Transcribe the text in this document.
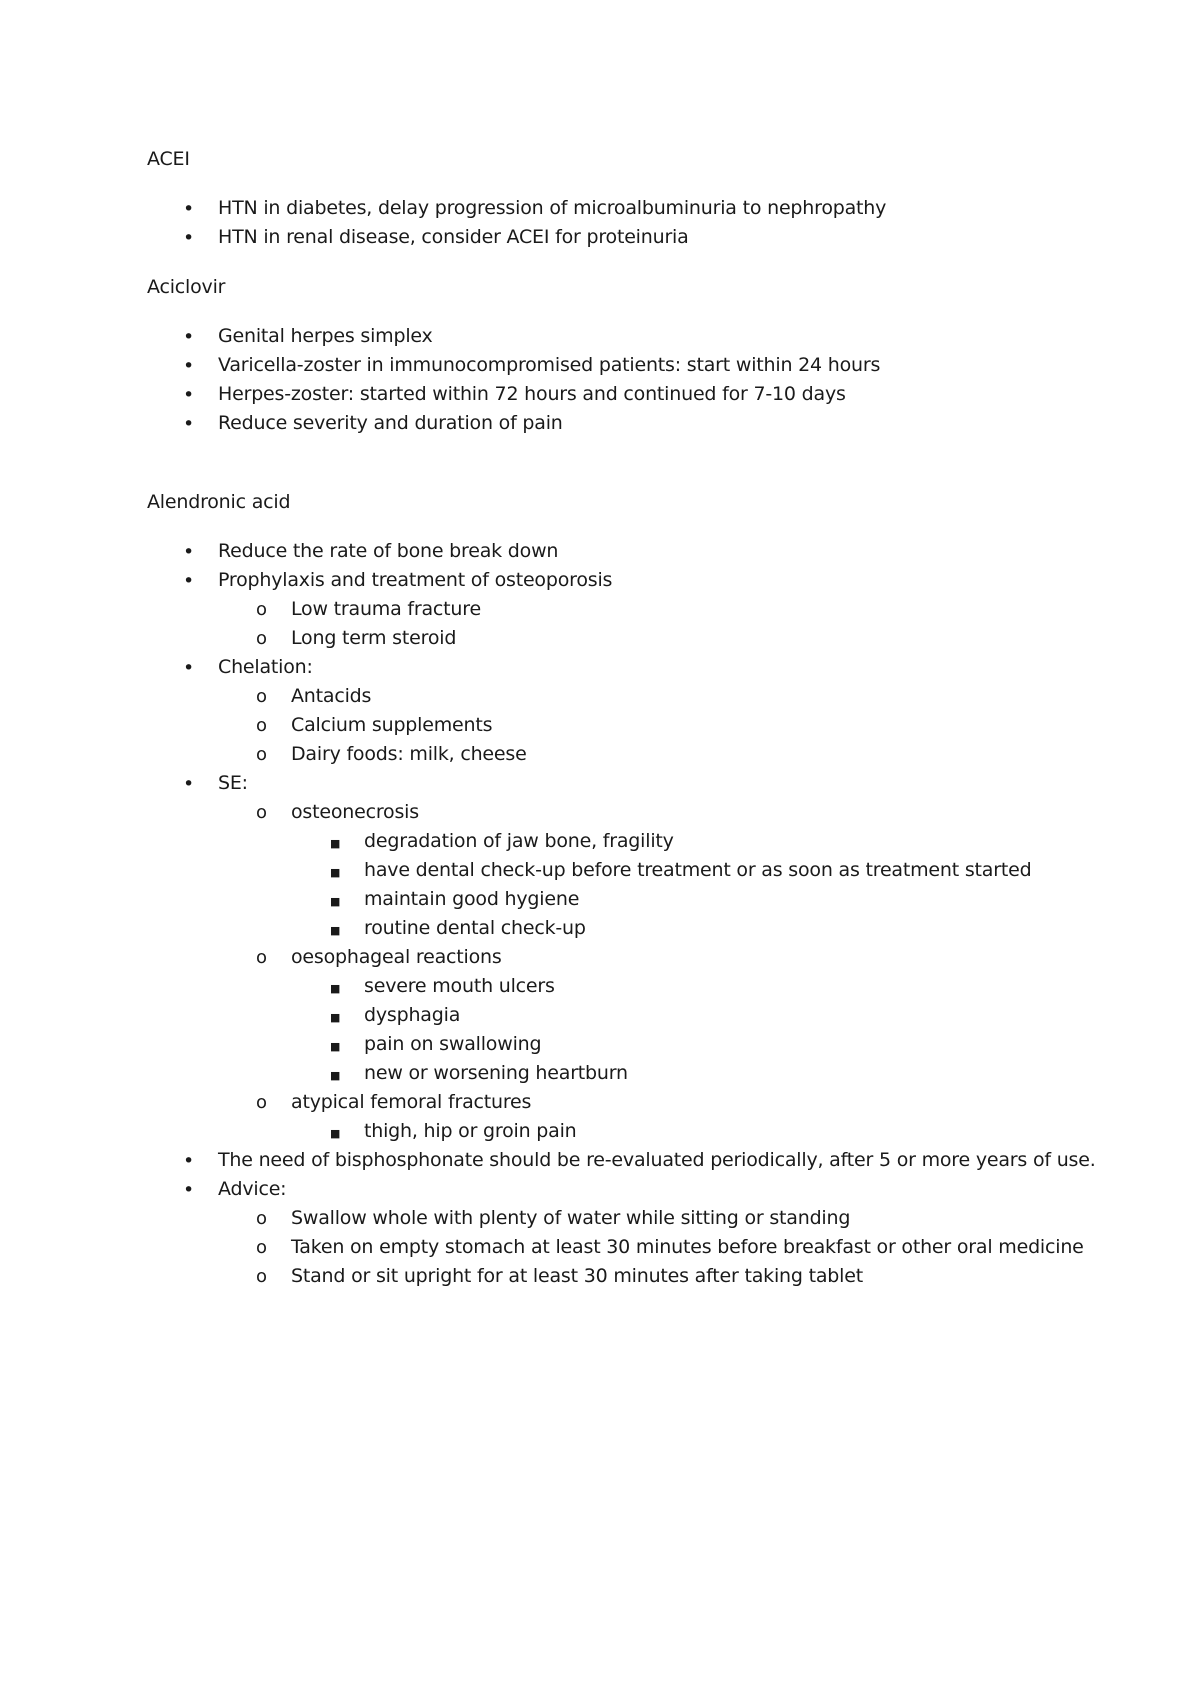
ACEI
• HTN in diabetes, delay progression of microalbuminuria to nephropathy
• HTN in renal disease, consider ACEI for proteinuria
Aciclovir
• Genital herpes simplex
• Varicella-zoster in immunocompromised patients: start within 24 hours
• Herpes-zoster: started within 72 hours and continued for 7-10 days
• Reduce severity and duration of pain
Alendronic acid
• Reduce the rate of bone break down
• Prophylaxis and treatment of osteoporosis
o Low trauma fracture
o Long term steroid
• Chelation:
o Antacids
o Calcium supplements
o Dairy foods: milk, cheese
• SE:
o osteonecrosis
■ degradation of jaw bone, fragility
■ have dental check-up before treatment or as soon as treatment started
■ maintain good hygiene
■ routine dental check-up
o oesophageal reactions
■ severe mouth ulcers
■ dysphagia
■ pain on swallowing
■ new or worsening heartburn
o atypical femoral fractures
■ thigh, hip or groin pain
• The need of bisphosphonate should be re-evaluated periodically, after 5 or more years of use.
• Advice:
o Swallow whole with plenty of water while sitting or standing
o Taken on empty stomach at least 30 minutes before breakfast or other oral medicine
o Stand or sit upright for at least 30 minutes after taking tablet
